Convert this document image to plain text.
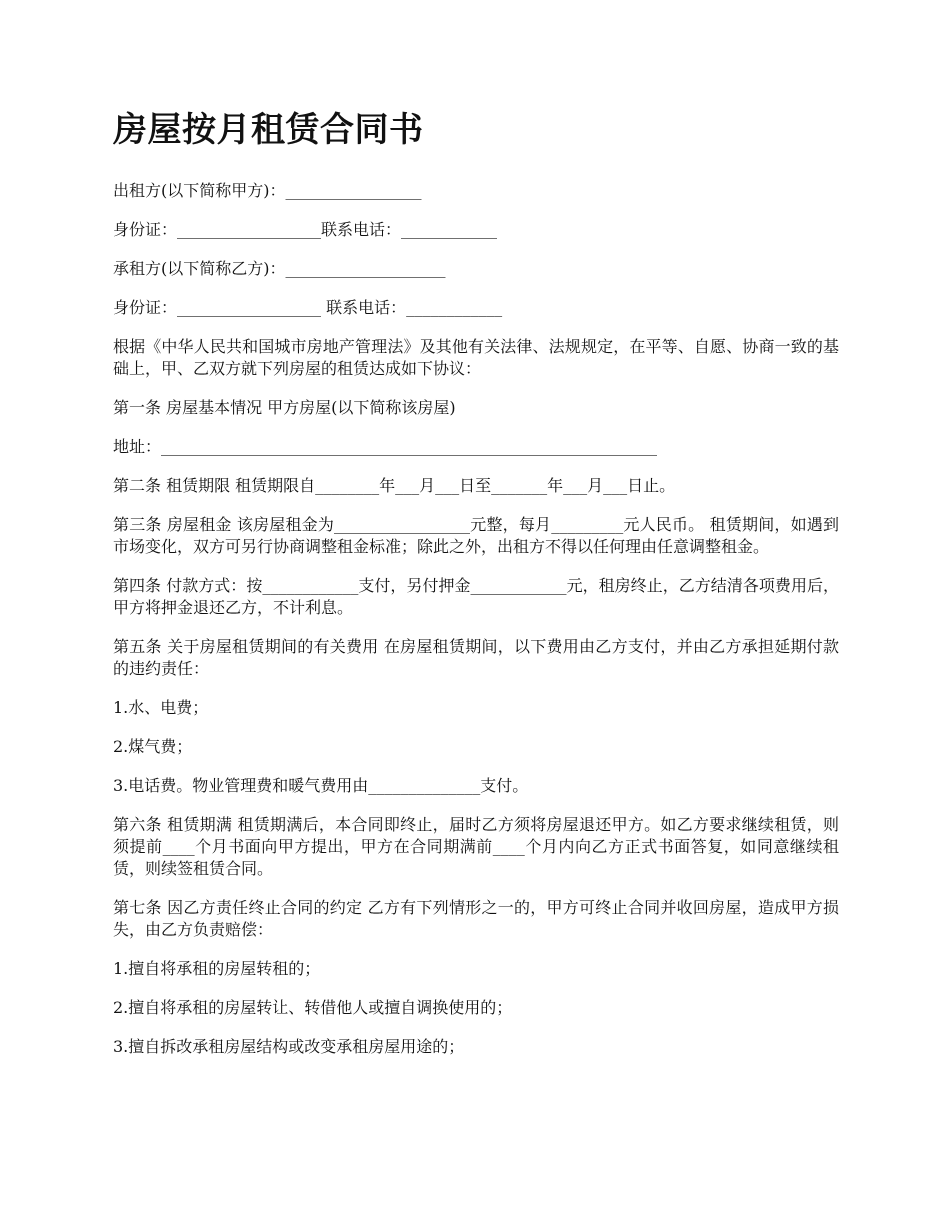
房屋按月租赁合同书

出租方(以下简称甲方)：_________________

身份证：__________________联系电话：____________

承租方(以下简称乙方)：____________________

身份证：__________________ 联系电话：____________

根据《中华人民共和国城市房地产管理法》及其他有关法律、法规规定，在平等、自愿、协商一致的基础上，甲、乙双方就下列房屋的租赁达成如下协议：

第一条 房屋基本情况 甲方房屋(以下简称该房屋)

地址：______________________________________________________________

第二条 租赁期限 租赁期限自________年___月___日至_______年___月___日止。

第三条 房屋租金 该房屋租金为_________________元整，每月_________元人民币。 租赁期间，如遇到市场变化，双方可另行协商调整租金标准；除此之外，出租方不得以任何理由任意调整租金。

第四条 付款方式：按____________支付，另付押金____________元，租房终止，乙方结清各项费用后，甲方将押金退还乙方，不计利息。

第五条 关于房屋租赁期间的有关费用 在房屋租赁期间，以下费用由乙方支付，并由乙方承担延期付款的违约责任：

1.水、电费；

2.煤气费；

3.电话费。物业管理费和暖气费用由______________支付。

第六条 租赁期满 租赁期满后，本合同即终止，届时乙方须将房屋退还甲方。如乙方要求继续租赁，则须提前____个月书面向甲方提出，甲方在合同期满前____个月内向乙方正式书面答复，如同意继续租赁，则续签租赁合同。

第七条 因乙方责任终止合同的约定 乙方有下列情形之一的，甲方可终止合同并收回房屋，造成甲方损失，由乙方负责赔偿：

1.擅自将承租的房屋转租的；

2.擅自将承租的房屋转让、转借他人或擅自调换使用的；

3.擅自拆改承租房屋结构或改变承租房屋用途的；
